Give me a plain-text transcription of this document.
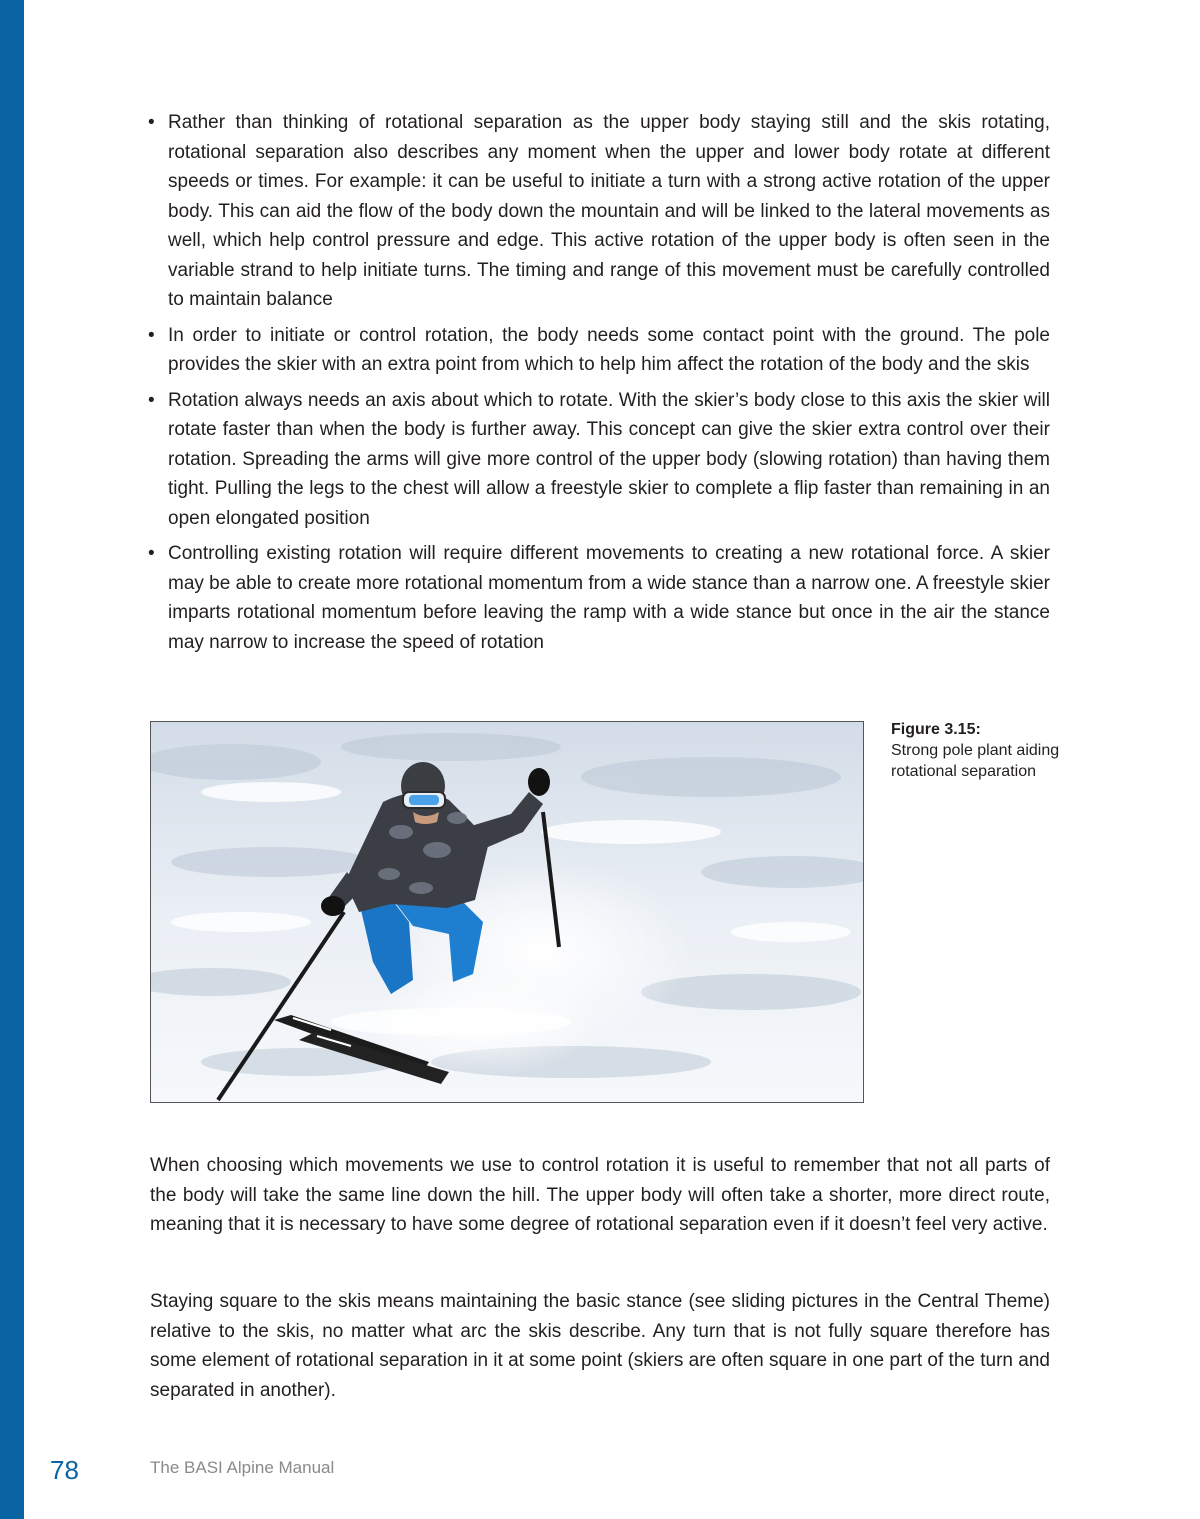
• Rather than thinking of rotational separation as the upper body staying still and the skis rotating, rotational separation also describes any moment when the upper and lower body rotate at different speeds or times. For example: it can be useful to initiate a turn with a strong active rotation of the upper body. This can aid the flow of the body down the mountain and will be linked to the lateral movements as well, which help control pressure and edge. This active rotation of the upper body is often seen in the variable strand to help initiate turns. The timing and range of this movement must be carefully controlled to maintain balance
• In order to initiate or control rotation, the body needs some contact point with the ground. The pole provides the skier with an extra point from which to help him affect the rotation of the body and the skis
• Rotation always needs an axis about which to rotate. With the skier’s body close to this axis the skier will rotate faster than when the body is further away. This concept can give the skier extra control over their rotation. Spreading the arms will give more control of the upper body (slowing rotation) than having them tight. Pulling the legs to the chest will allow a freestyle skier to complete a flip faster than remaining in an open elongated position
• Controlling existing rotation will require different movements to creating a new rotational force. A skier may be able to create more rotational momentum from a wide stance than a narrow one. A freestyle skier imparts rotational momentum before leaving the ramp with a wide stance but once in the air the stance may narrow to increase the speed of rotation
Figure 3.15:
Strong pole plant aiding rotational separation

When choosing which movements we use to control rotation it is useful to remember that not all parts of the body will take the same line down the hill. The upper body will often take a shorter, more direct route, meaning that it is necessary to have some degree of rotational separation even if it doesn’t feel very active.

Staying square to the skis means maintaining the basic stance (see sliding pictures in the Central Theme) relative to the skis, no matter what arc the skis describe. Any turn that is not fully square therefore has some element of rotational separation in it at some point (skiers are often square in one part of the turn and separated in another).

78	The BASI Alpine Manual
